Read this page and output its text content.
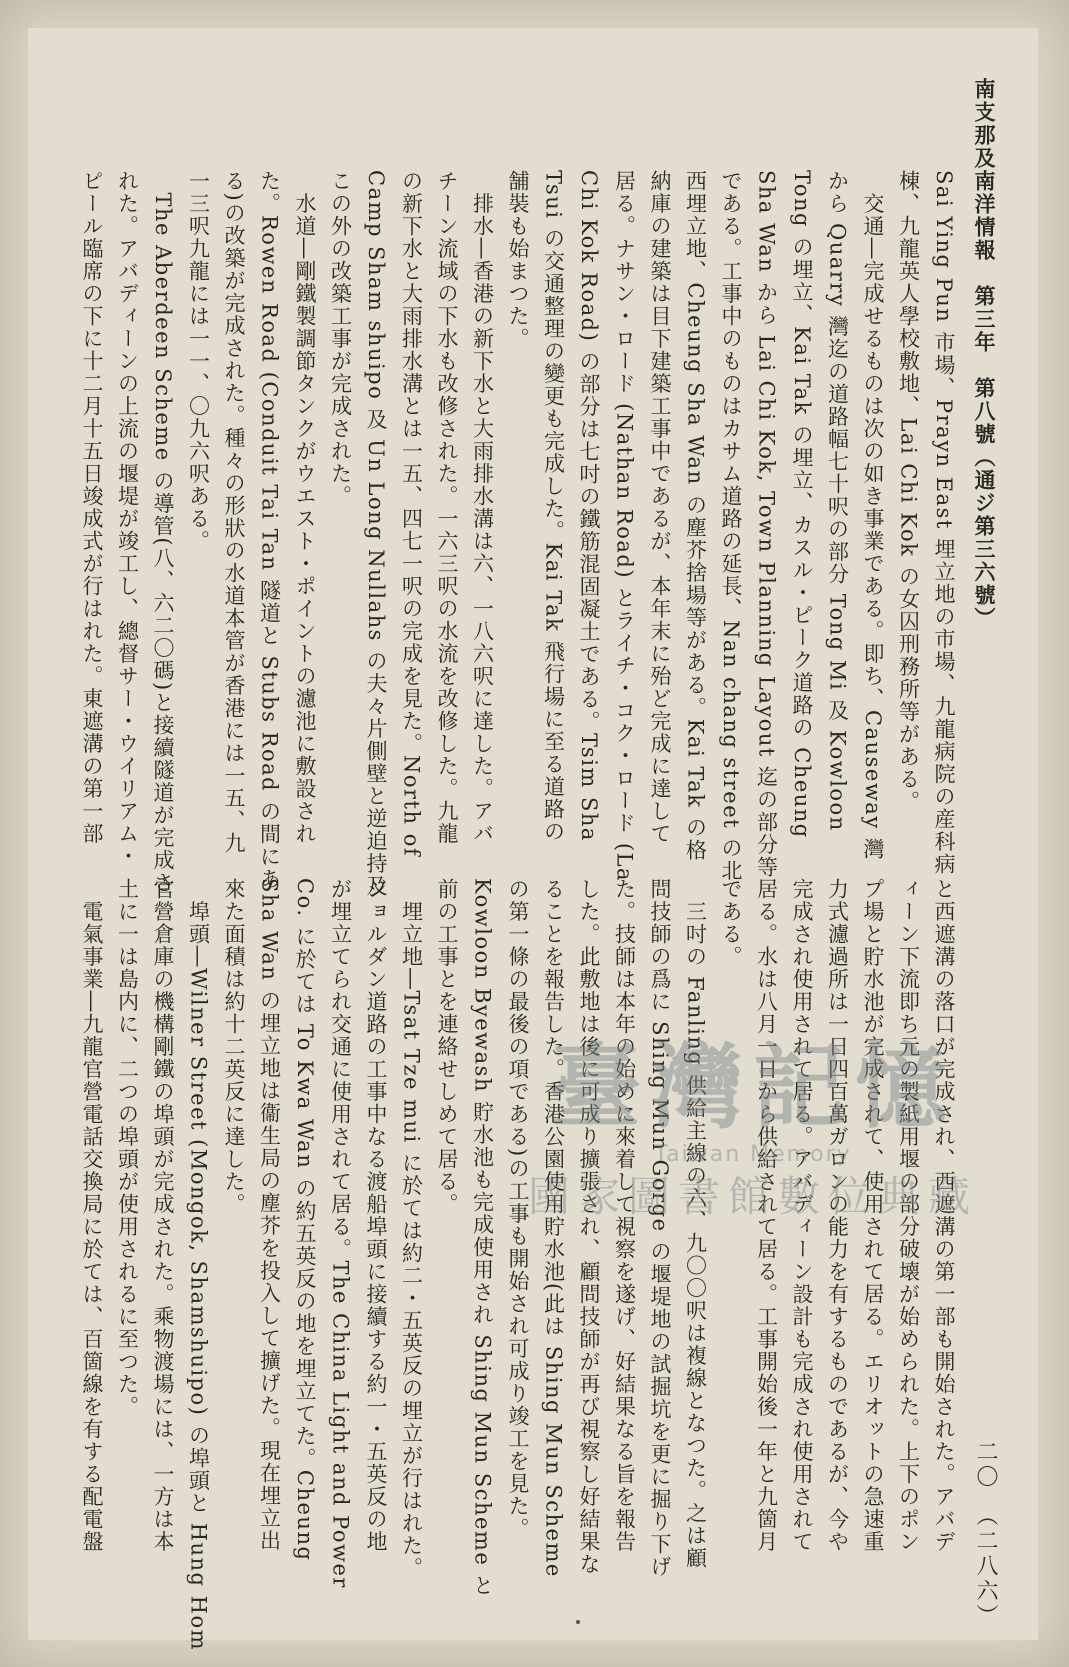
南支那及南洋情報　第三年　第八號（通ジ第三六號）
二〇　（二八六）
Sai Ying Pun 市場、Prayn East 埋立地の市場、九龍病院の産科病
棟、九龍英人學校敷地、Lai Chi Kok の女囚刑務所等がある。
　交通―完成せるものは次の如き事業である。即ち、Causeway 灣
から Quarry 灣迄の道路幅七十呎の部分 Tong Mi 及 Kowloon
Tong の埋立、Kai Tak の埋立、カスル・ピーク道路の Cheung
Sha Wan から Lai Chi Kok, Town Planning Layout 迄の部分等
である。工事中のものはカサム道路の延長、Nan chang street の北
西埋立地、Cheung Sha Wan の塵芥捨場等がある。Kai Tak の格
納庫の建築は目下建築工事中であるが、本年末に殆ど完成に達して
居る。ナサン・ロード (Nathan Road) とライチ・コク・ロード (La
Chi Kok Road) の部分は七吋の鐵筋混固凝土である。Tsim Sha
Tsui の交通整理の變更も完成した。Kai Tak 飛行場に至る道路の
舗裝も始まつた。
　排水―香港の新下水と大雨排水溝は六、一八六呎に達した。アバ
チーン流域の下水も改修された。一六三呎の水流を改修した。九龍
の新下水と大雨排水溝とは一五、四七一呎の完成を見た。North of
Camp Sham shuipo 及 Un Long Nullahs の夫々片側壁と逆迫持及
この外の改築工事が完成された。
　水道―剛鐵製調節タンクがウエスト・ポイントの濾池に敷設され
た。Rowen Road (Conduit Tai Tan 隧道と Stubs Road の間にあ
る)の改築が完成された。種々の形狀の水道本管が香港には一五、九
一三呎九龍には一一、〇九六呎ある。
　The Aberdeen Scheme の導管(八、六二〇碼)と接續隧道が完成さ
れた。アバディーンの上流の堰堤が竣工し、總督サー・ウイリアム・
ピール臨席の下に十二月十五日竣成式が行はれた。東遮溝の第一部
と西遮溝の落口が完成され、西遮溝の第一部も開始された。アバデ
ィーン下流即ち元の製紙用堰の部分破壊が始められた。上下のポン
プ場と貯水池が完成されて、使用されて居る。エリオットの急速重
力式濾過所は一日四百萬ガロンの能力を有するものであるが、今や
完成され使用されて居る。アバディーン設計も完成され使用されて
居る。水は八月一日から供給されて居る。工事開始後一年と九箇月
である。
　三吋の Fanling 供給主線の六、九〇〇呎は複線となつた。之は顧
問技師の爲に Shing Mun Gorge の堰堤地の試掘坑を更に掘り下げ
た。技師は本年の始めに來着して視察を遂げ、好結果なる旨を報告
した。此敷地は後に可成り擴張され、顧問技師が再び視察し好結果な
ることを報告した。香港公園使用貯水池(此は Shing Mun Scheme
の第一條の最後の項である)の工事も開始され可成り竣工を見た。
Kowloon Byewash 貯水池も完成使用され Shing Mun Scheme と
前の工事とを連絡せしめて居る。
　埋立地―Tsat Tze mui に於ては約二・五英反の埋立が行はれた。
ジョルダン道路の工事中なる渡船埠頭に接續する約一・五英反の地
が埋立てられ交通に使用されて居る。The China Light and Power
Co. に於ては To Kwa Wan の約五英反の地を埋立てた。Cheung
Sha Wan の埋立地は衞生局の塵芥を投入して擴げた。現在埋立出
來た面積は約十二英反に達した。
　埠頭―Wilner Street (Mongok, Shamshuipo) の埠頭と Hung Hom
官營倉庫の機構剛鐵の埠頭が完成された。乘物渡場には、一方は本
土に一は島内に、二つの埠頭が使用されるに至つた。
　電氣事業―九龍官營電話交換局に於ては、百箇線を有する配電盤	臺灣記憶
Taiwan Memory
國家圖書館數位典藏
